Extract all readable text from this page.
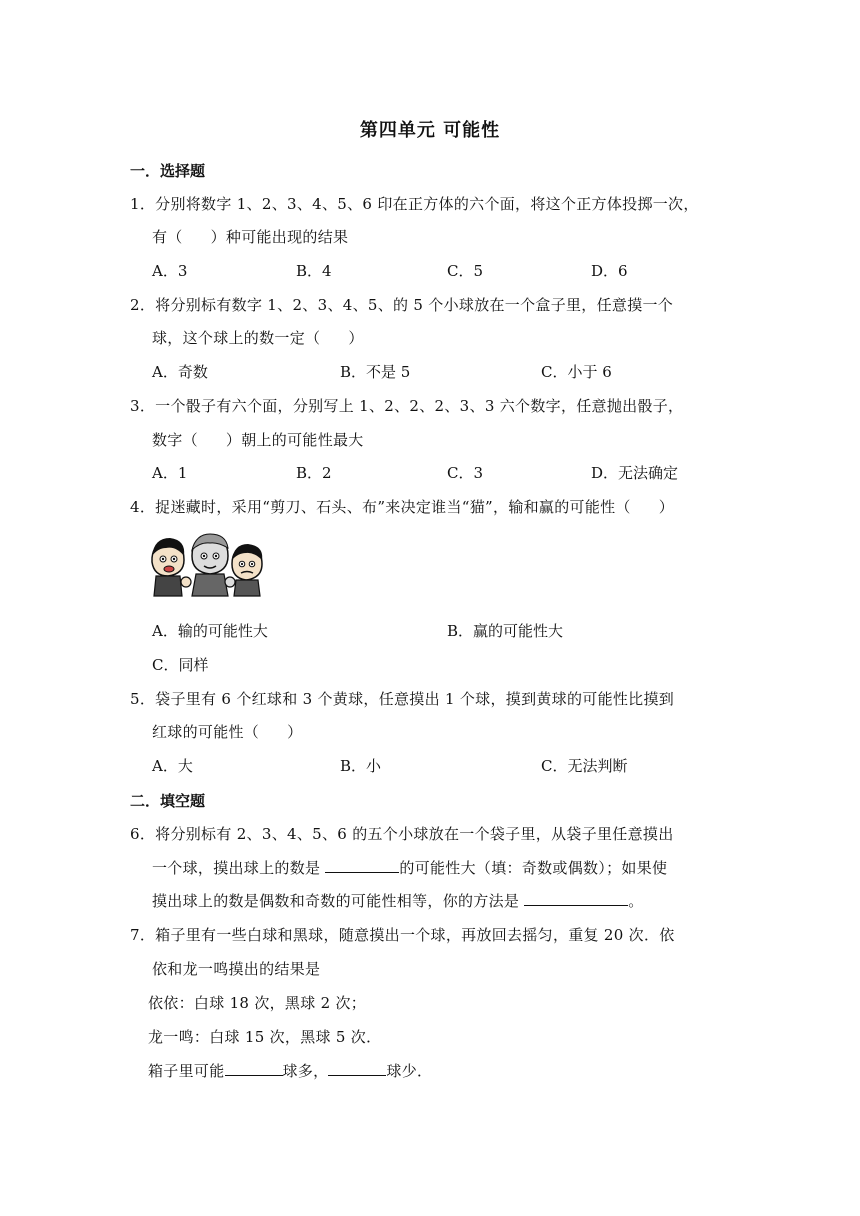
第四单元 可能性
一．选择题
1．分别将数字 1、2、3、4、5、6 印在正方体的六个面，将这个正方体投掷一次，
有（ ）种可能出现的结果
A．3	B．4	C．5	D．6
2．将分别标有数字 1、2、3、4、5、的 5 个小球放在一个盒子里，任意摸一个
球，这个球上的数一定（ ）
A．奇数	B．不是 5	C．小于 6
3．一个骰子有六个面，分别写上 1、2、2、2、3、3 六个数字，任意抛出骰子，
数字（ ）朝上的可能性最大
A．1	B．2	C．3	D．无法确定
4．捉迷藏时，采用“剪刀、石头、布”来决定谁当“猫”，输和赢的可能性（ ）
A．输的可能性大	B．赢的可能性大
C．同样
5．袋子里有 6 个红球和 3 个黄球，任意摸出 1 个球，摸到黄球的可能性比摸到
红球的可能性（ ）
A．大	B．小	C．无法判断
二．填空题
6．将分别标有 2、3、4、5、6 的五个小球放在一个袋子里，从袋子里任意摸出
一个球，摸出球上的数是	的可能性大（填：奇数或偶数）；如果使
摸出球上的数是偶数和奇数的可能性相等，你的方法是	。
7．箱子里有一些白球和黑球，随意摸出一个球，再放回去摇匀，重复 20 次．依
依和龙一鸣摸出的结果是
依依：白球 18 次，黑球 2 次；
龙一鸣：白球 15 次，黑球 5 次．
箱子里可能	球多，	球少．
